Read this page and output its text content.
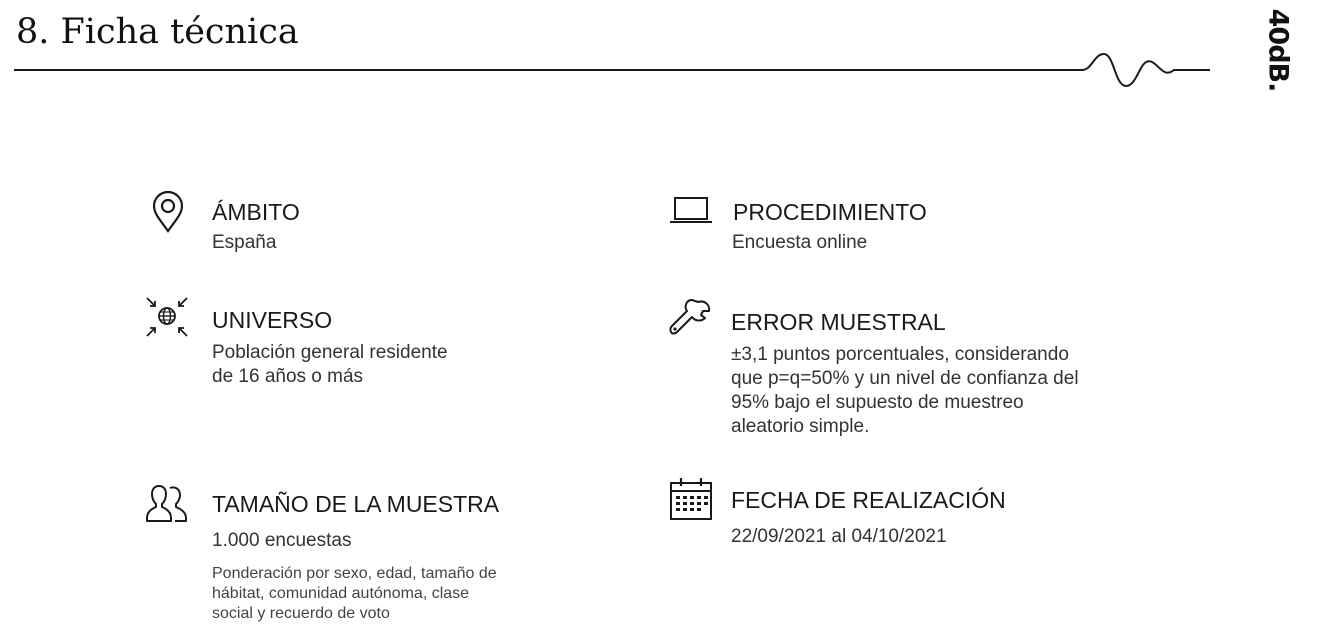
8. Ficha técnica	40dB.
ÁMBITO
España
PROCEDIMIENTO
Encuesta online
UNIVERSO
Población general residente
de 16 años o más
ERROR MUESTRAL
±3,1 puntos porcentuales, considerando
que p=q=50% y un nivel de confianza del
95% bajo el supuesto de muestreo
aleatorio simple.
TAMAÑO DE LA MUESTRA
1.000 encuestas
Ponderación por sexo, edad, tamaño de
hábitat, comunidad autónoma, clase
social y recuerdo de voto
FECHA DE REALIZACIÓN
22/09/2021 al 04/10/2021
